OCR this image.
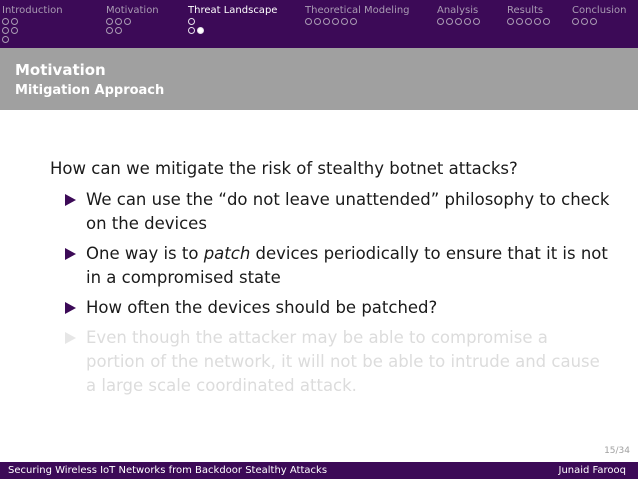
Introduction	Motivation	Threat Landscape	Theoretical Modeling	Analysis	Results	Conclusion
Motivation
Mitigation Approach

How can we mitigate the risk of stealthy botnet attacks?

We can use the “do not leave unattended” philosophy to check on the devices
One way is to patch devices periodically to ensure that it is not in a compromised state
How often the devices should be patched?
Even though the attacker may be able to compromise a portion of the network, it will not be able to intrude and cause a large scale coordinated attack.
15/34
Securing Wireless IoT Networks from Backdoor Stealthy Attacks	Junaid Farooq
